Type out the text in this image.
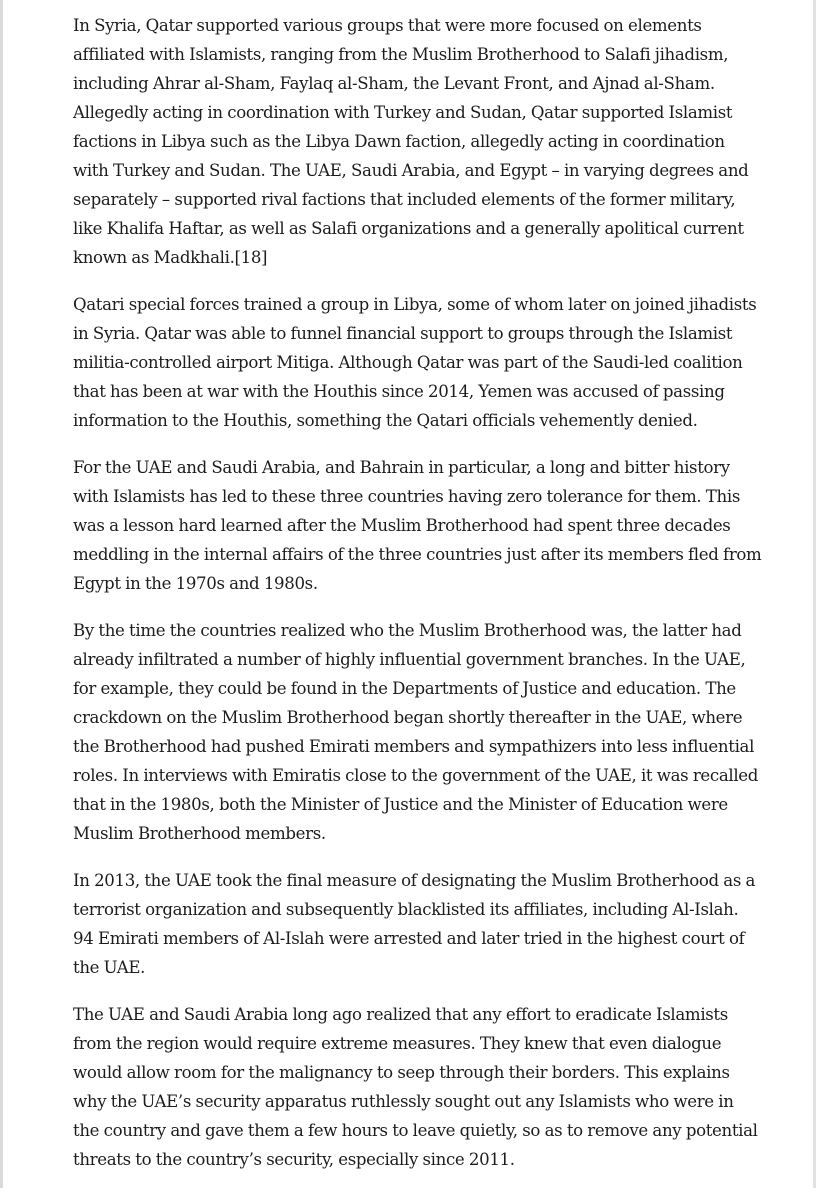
In Syria, Qatar supported various groups that were more focused on elements affiliated with Islamists, ranging from the Muslim Brotherhood to Salafi jihadism, including Ahrar al-Sham, Faylaq al-Sham, the Levant Front, and Ajnad al-Sham. Allegedly acting in coordination with Turkey and Sudan, Qatar supported Islamist factions in Libya such as the Libya Dawn faction, allegedly acting in coordination with Turkey and Sudan. The UAE, Saudi Arabia, and Egypt – in varying degrees and separately – supported rival factions that included elements of the former military, like Khalifa Haftar, as well as Salafi organizations and a generally apolitical current known as Madkhali.[18]

Qatari special forces trained a group in Libya, some of whom later on joined jihadists in Syria. Qatar was able to funnel financial support to groups through the Islamist militia-controlled airport Mitiga. Although Qatar was part of the Saudi-led coalition that has been at war with the Houthis since 2014, Yemen was accused of passing information to the Houthis, something the Qatari officials vehemently denied.

For the UAE and Saudi Arabia, and Bahrain in particular, a long and bitter history with Islamists has led to these three countries having zero tolerance for them. This was a lesson hard learned after the Muslim Brotherhood had spent three decades meddling in the internal affairs of the three countries just after its members fled from Egypt in the 1970s and 1980s.

By the time the countries realized who the Muslim Brotherhood was, the latter had already infiltrated a number of highly influential government branches. In the UAE, for example, they could be found in the Departments of Justice and education. The crackdown on the Muslim Brotherhood began shortly thereafter in the UAE, where the Brotherhood had pushed Emirati members and sympathizers into less influential roles. In interviews with Emiratis close to the government of the UAE, it was recalled that in the 1980s, both the Minister of Justice and the Minister of Education were Muslim Brotherhood members.

In 2013, the UAE took the final measure of designating the Muslim Brotherhood as a terrorist organization and subsequently blacklisted its affiliates, including Al-Islah. 94 Emirati members of Al-Islah were arrested and later tried in the highest court of the UAE.

The UAE and Saudi Arabia long ago realized that any effort to eradicate Islamists from the region would require extreme measures. They knew that even dialogue would allow room for the malignancy to seep through their borders. This explains why the UAE’s security apparatus ruthlessly sought out any Islamists who were in the country and gave them a few hours to leave quietly, so as to remove any potential threats to the country’s security, especially since 2011.
